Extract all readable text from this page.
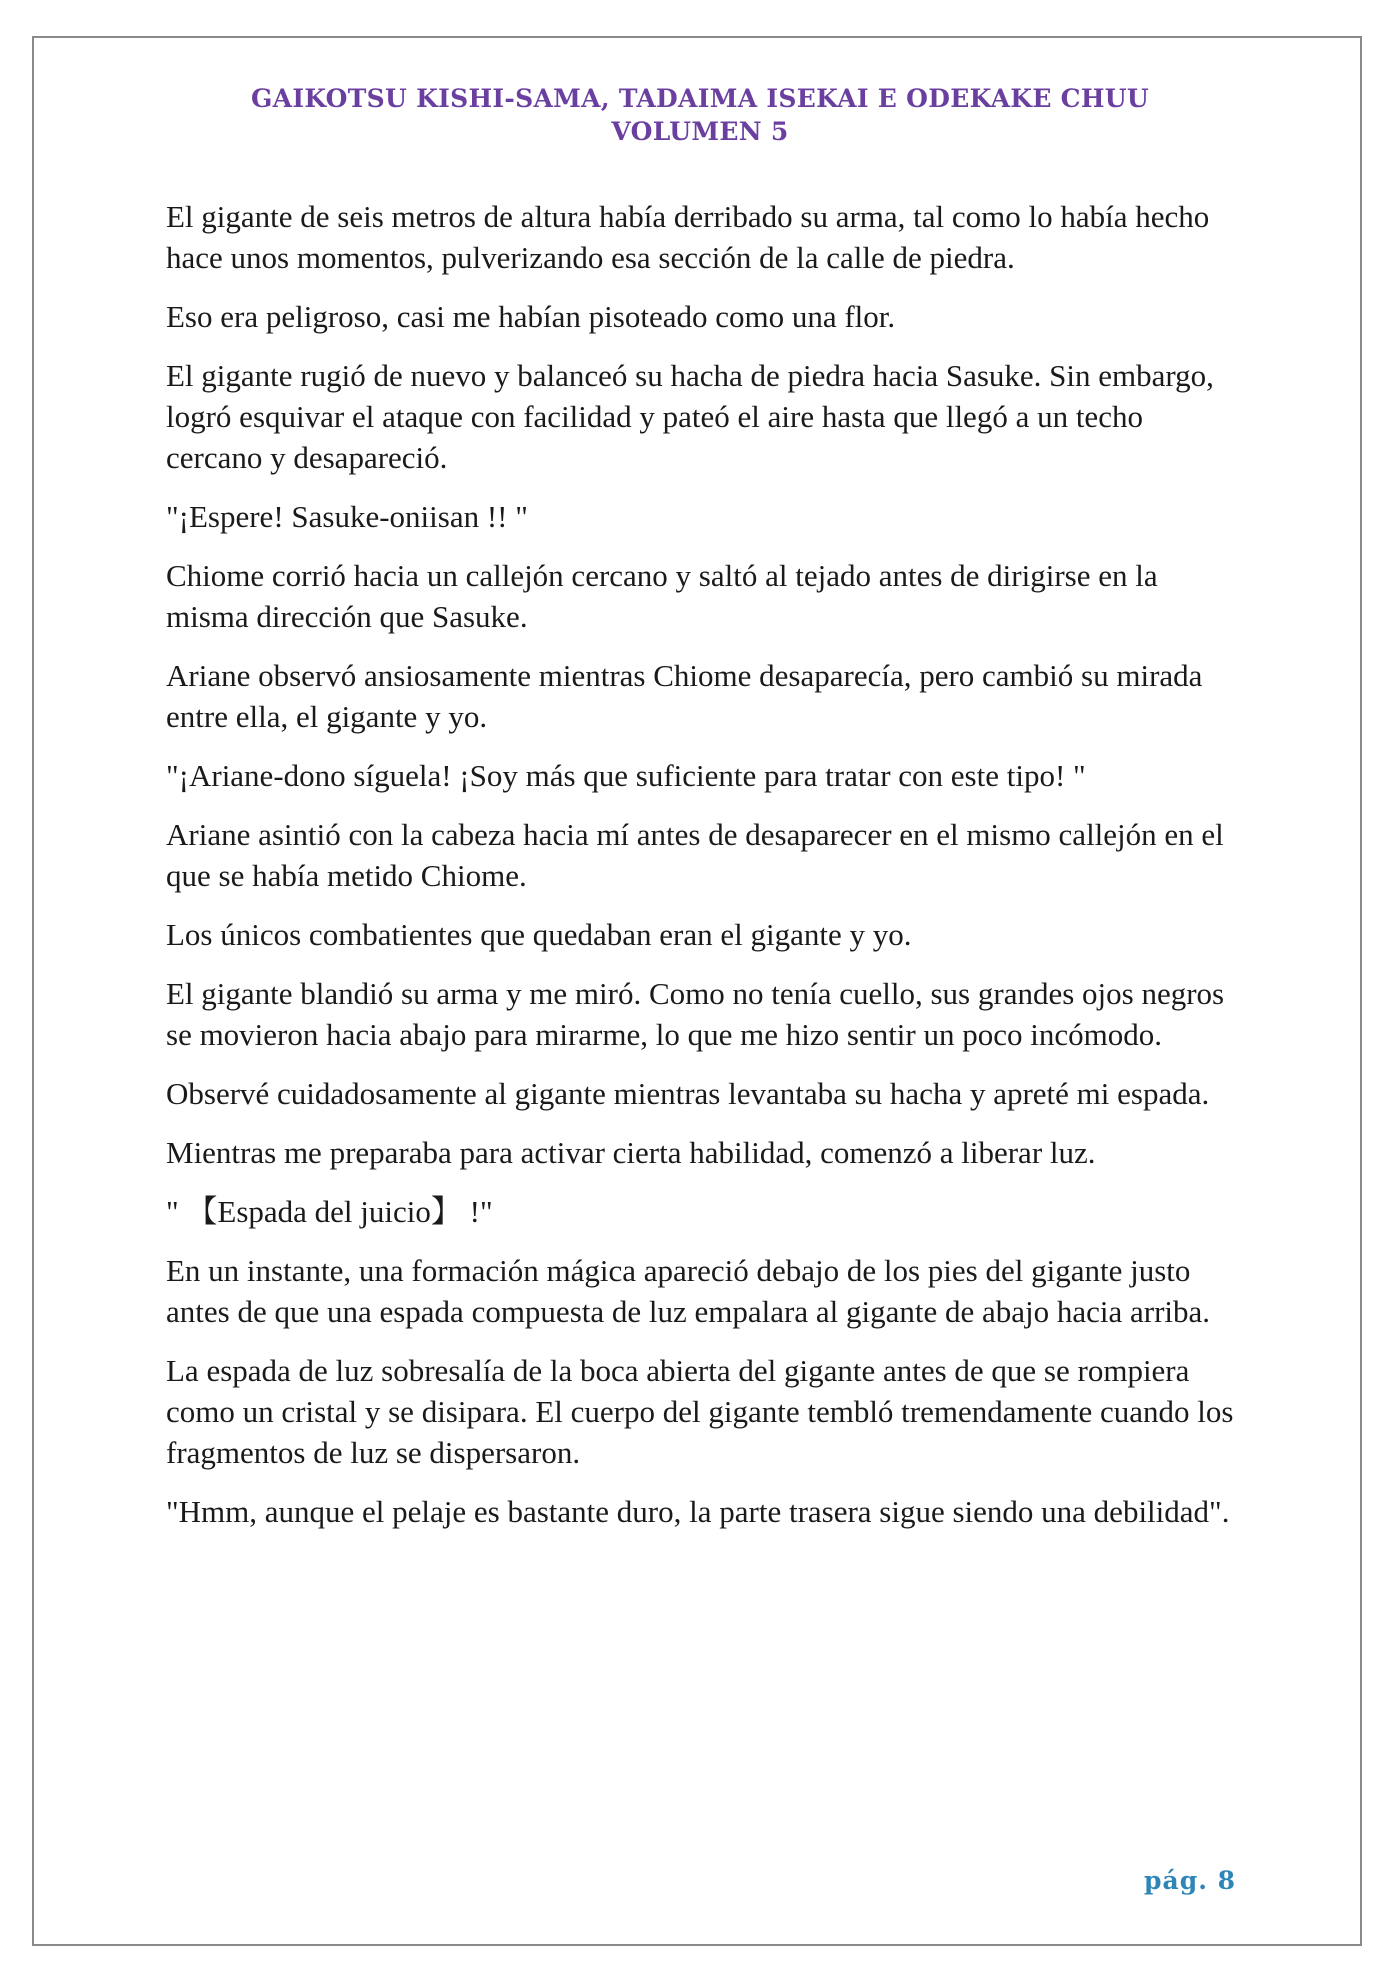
GAIKOTSU KISHI-SAMA, TADAIMA ISEKAI E ODEKAKE CHUU
VOLUMEN 5

El gigante de seis metros de altura había derribado su arma, tal como lo había hecho hace unos momentos, pulverizando esa sección de la calle de piedra.

Eso era peligroso, casi me habían pisoteado como una flor.

El gigante rugió de nuevo y balanceó su hacha de piedra hacia Sasuke. Sin embargo, logró esquivar el ataque con facilidad y pateó el aire hasta que llegó a un techo cercano y desapareció.

"¡Espere! Sasuke-oniisan !! "

Chiome corrió hacia un callejón cercano y saltó al tejado antes de dirigirse en la misma dirección que Sasuke.

Ariane observó ansiosamente mientras Chiome desaparecía, pero cambió su mirada entre ella, el gigante y yo.

"¡Ariane-dono síguela! ¡Soy más que suficiente para tratar con este tipo! "

Ariane asintió con la cabeza hacia mí antes de desaparecer en el mismo callejón en el que se había metido Chiome.

Los únicos combatientes que quedaban eran el gigante y yo.

El gigante blandió su arma y me miró. Como no tenía cuello, sus grandes ojos negros se movieron hacia abajo para mirarme, lo que me hizo sentir un poco incómodo.

Observé cuidadosamente al gigante mientras levantaba su hacha y apreté mi espada.

Mientras me preparaba para activar cierta habilidad, comenzó a liberar luz.

" 【Espada del juicio】 !"

En un instante, una formación mágica apareció debajo de los pies del gigante justo antes de que una espada compuesta de luz empalara al gigante de abajo hacia arriba.

La espada de luz sobresalía de la boca abierta del gigante antes de que se rompiera como un cristal y se disipara. El cuerpo del gigante tembló tremendamente cuando los fragmentos de luz se dispersaron.

"Hmm, aunque el pelaje es bastante duro, la parte trasera sigue siendo una debilidad".

pág. 8
